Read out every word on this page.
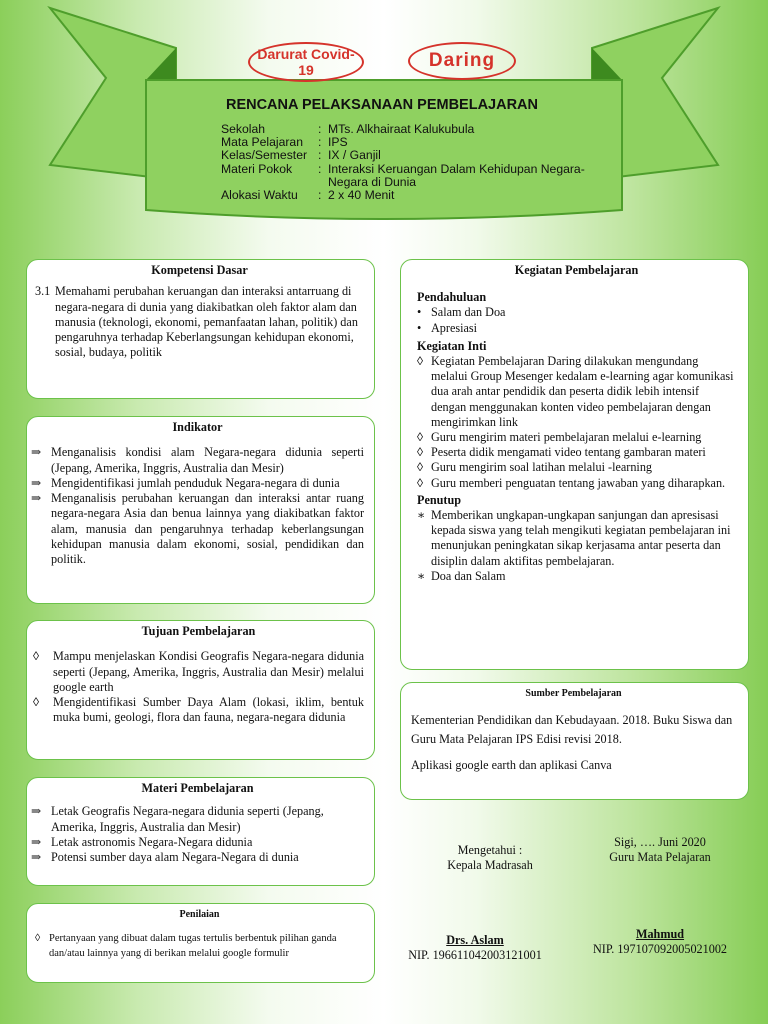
Darurat Covid-19	Daring
RENCANA PELAKSANAAN PEMBELAJARAN
Sekolah	: MTs. Alkhairaat Kalukubula
Mata Pelajaran	: IPS
Kelas/Semester : IX / Ganjil
Materi Pokok	: Interaksi Keruangan Dalam Kehidupan Negara-Negara di Dunia
Alokasi Waktu	: 2 x 40 Menit
Kompetensi Dasar
3.1 Memahami perubahan keruangan dan interaksi antarruang di negara-negara di dunia yang diakibatkan oleh faktor alam dan manusia (teknologi, ekonomi, pemanfaatan lahan, politik) dan pengaruhnya terhadap Keberlangsungan kehidupan ekonomi, sosial, budaya, politik
Indikator
⇒ Menganalisis kondisi alam Negara-negara didunia seperti (Jepang, Amerika, Inggris, Australia dan Mesir)
⇒ Mengidentifikasi jumlah penduduk Negara-negara di dunia
⇒ Menganalisis perubahan keruangan dan interaksi antar ruang negara-negara Asia dan benua lainnya yang diakibatkan faktor alam, manusia dan pengaruhnya terhadap keberlangsungan kehidupan manusia dalam ekonomi, sosial, pendidikan dan politik.
Tujuan Pembelajaran
◊	Mampu menjelaskan Kondisi Geografis Negara-negara didunia seperti (Jepang, Amerika, Inggris, Australia dan Mesir) melalui google earth
◊	Mengidentifikasi Sumber Daya Alam (lokasi, iklim, bentuk muka bumi, geologi, flora dan fauna, negara-negara didunia
Materi Pembelajaran
⇒ Letak Geografis Negara-negara didunia seperti (Jepang, Amerika, Inggris, Australia dan Mesir)
⇒ Letak astronomis Negara-Negara didunia
⇒ Potensi sumber daya alam Negara-Negara di dunia
Penilaian
◊ Pertanyaan yang dibuat dalam tugas tertulis berbentuk pilihan ganda dan/atau lainnya yang di berikan melalui google formulir
Kegiatan Pembelajaran
Pendahuluan
• Salam dan Doa
• Apresiasi
Kegiatan Inti
◊ Kegiatan Pembelajaran Daring dilakukan mengundang melalui Group Mesenger kedalam e-learning agar komunikasi dua arah antar pendidik dan peserta didik lebih intensif dengan menggunakan konten video pembelajaran dengan mengirimkan link
◊ Guru mengirim materi pembelajaran melalui e-learning
◊ Peserta didik mengamati video tentang gambaran materi
◊ Guru mengirim soal latihan melalui -learning
◊ Guru memberi penguatan tentang jawaban yang diharapkan.
Penutup
∗ Memberikan ungkapan-ungkapan sanjungan dan apresisasi kepada siswa yang telah mengikuti kegiatan pembelajaran ini menunjukan peningkatan sikap kerjasama antar peserta dan disiplin dalam aktifitas pembelajaran.
∗ Doa dan Salam
Sumber Pembelajaran
Kementerian Pendidikan dan Kebudayaan. 2018. Buku Siswa dan Guru Mata Pelajaran IPS Edisi revisi 2018.
Aplikasi google earth dan aplikasi Canva
Mengetahui :
Kepala Madrasah
Sigi, …. Juni 2020
Guru Mata Pelajaran
Drs. Aslam
NIP. 196611042003121001
Mahmud
NIP. 197107092005021002
